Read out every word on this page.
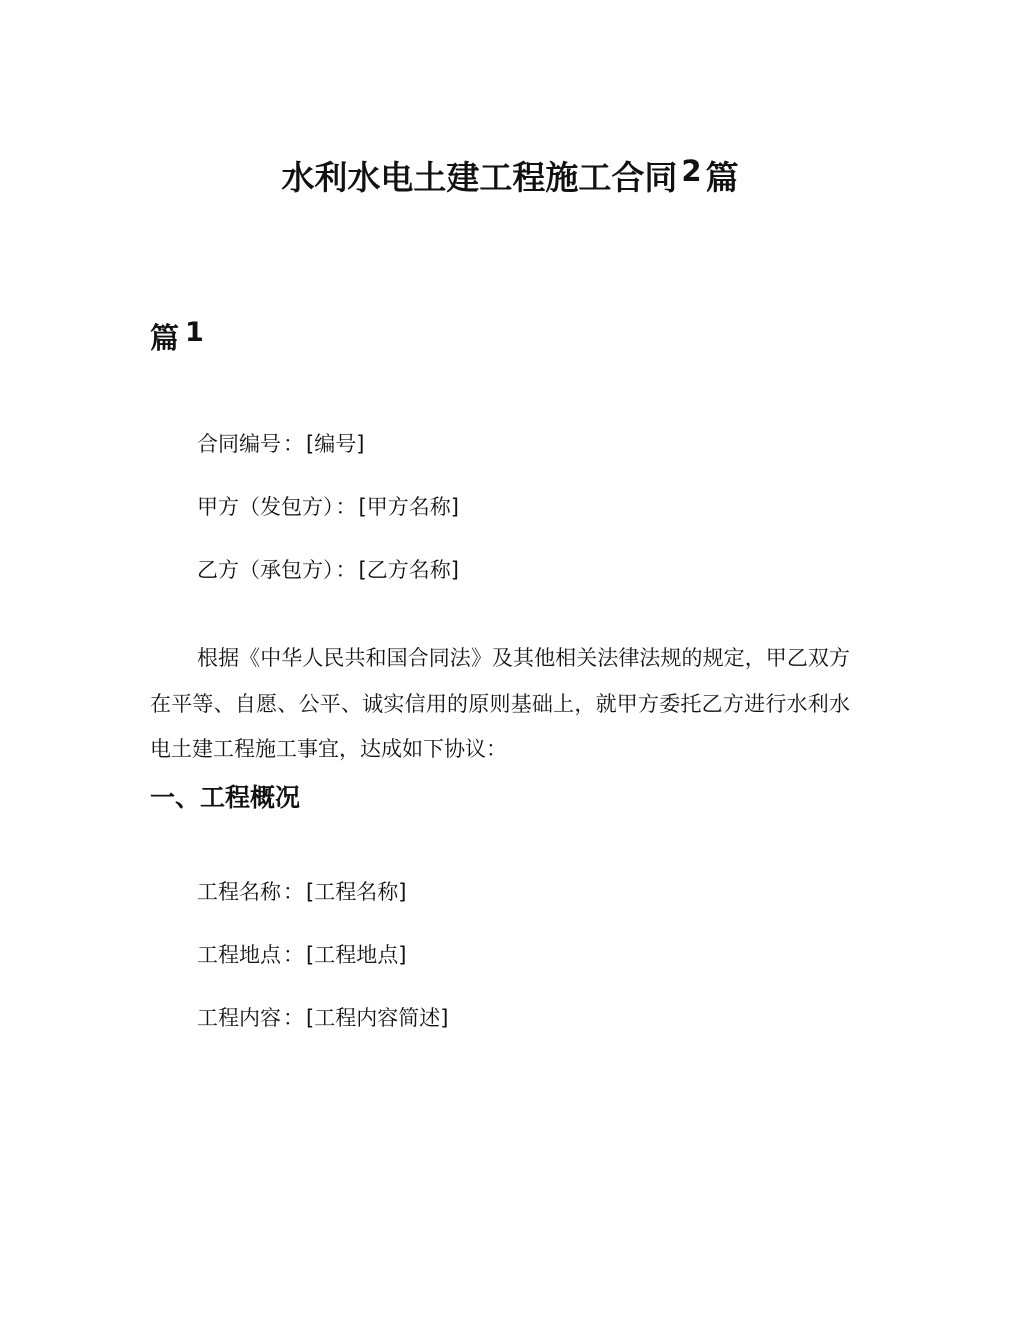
水利水电土建工程施工合同 2 篇
篇 1
合同编号：[编号]
甲方（发包方）：[甲方名称]
乙方（承包方）：[乙方名称]

根据《中华人民共和国合同法》及其他相关法律法规的规定，甲乙双方在平等、自愿、公平、诚实信用的原则基础上，就甲方委托乙方进行水利水电土建工程施工事宜，达成如下协议：

一、工程概况
工程名称：[工程名称]
工程地点：[工程地点]
工程内容：[工程内容简述]
